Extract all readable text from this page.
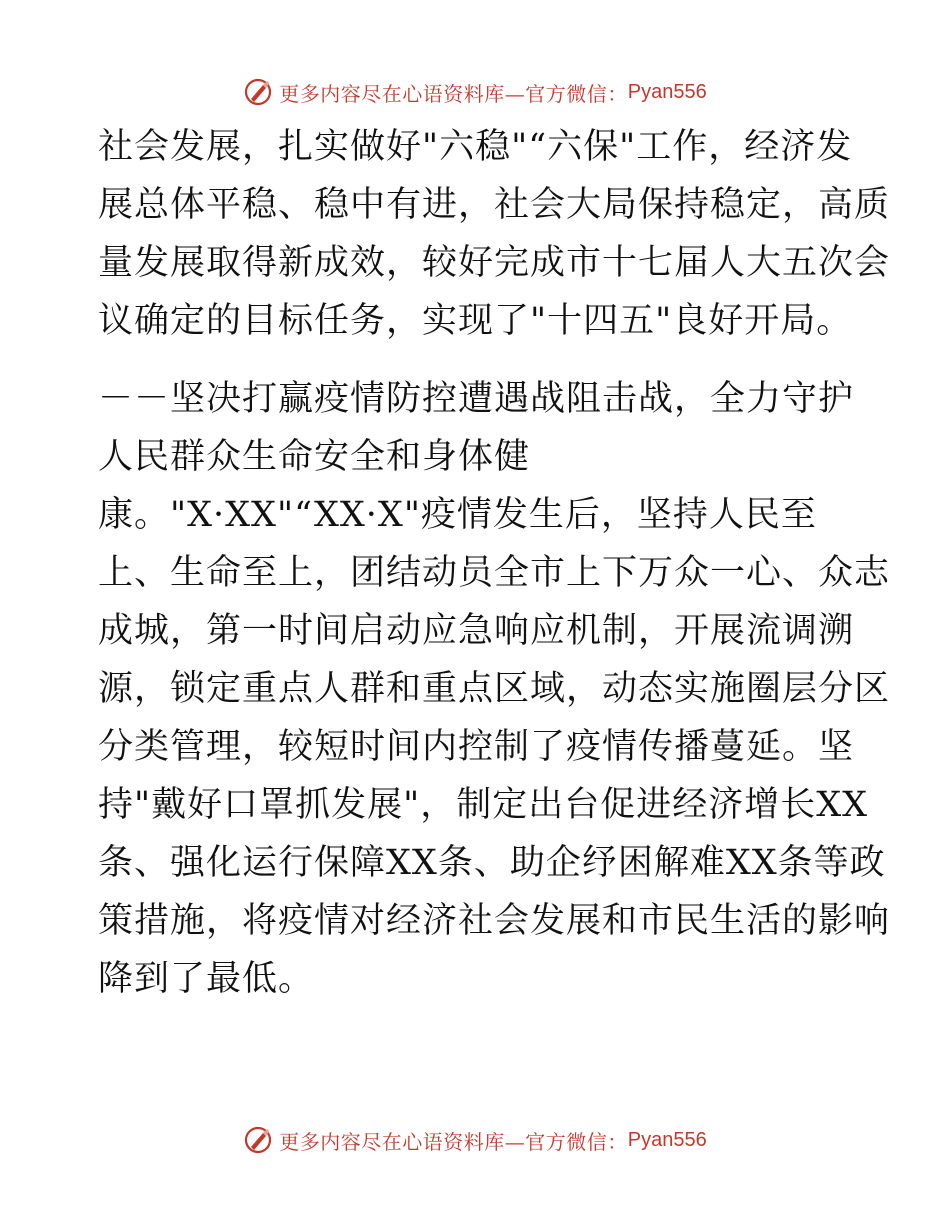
更多内容尽在心语资料库—官方微信： Pyan556
社会发展，扎实做好"六稳"“六保"工作，经济发
展总体平稳、稳中有进，社会大局保持稳定，高质
量发展取得新成效，较好完成市十七届人大五次会
议确定的目标任务，实现了"十四五"良好开局。
－－坚决打赢疫情防控遭遇战阻击战，全力守护
人民群众生命安全和身体健
康。"X·XX"“XX·X"疫情发生后，坚持人民至
上、生命至上，团结动员全市上下万众一心、众志
成城，第一时间启动应急响应机制，开展流调溯
源，锁定重点人群和重点区域，动态实施圈层分区
分类管理，较短时间内控制了疫情传播蔓延。坚
持"戴好口罩抓发展"，制定出台促进经济增长XX
条、强化运行保障XX条、助企纾困解难XX条等政
策措施，将疫情对经济社会发展和市民生活的影响
降到了最低。
更多内容尽在心语资料库—官方微信： Pyan556
